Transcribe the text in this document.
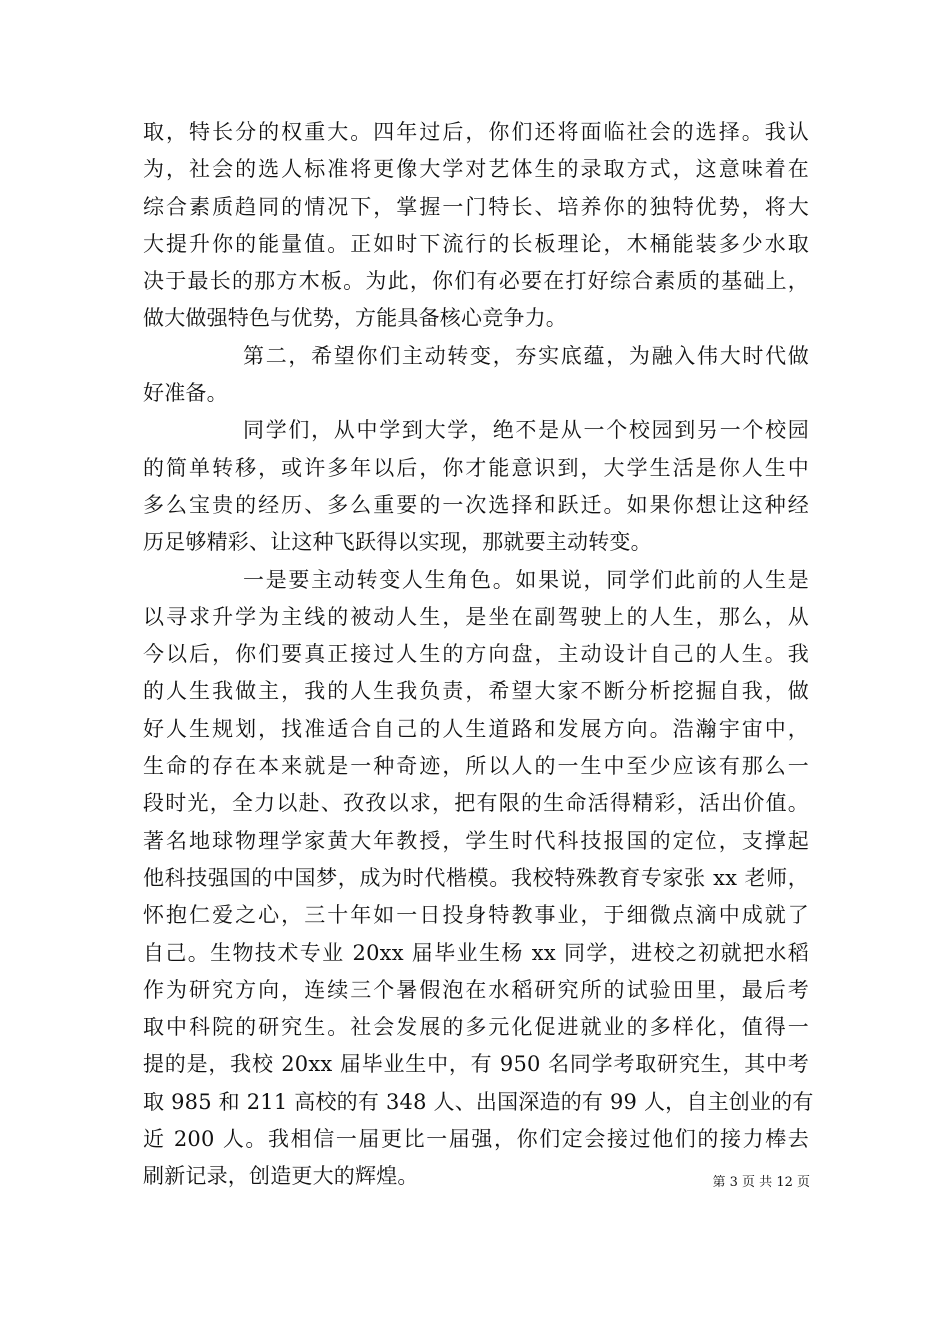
取，特长分的权重大。四年过后，你们还将面临社会的选择。我认
为，社会的选人标准将更像大学对艺体生的录取方式，这意味着在
综合素质趋同的情况下，掌握一门特长、培养你的独特优势，将大
大提升你的能量值。正如时下流行的长板理论，木桶能装多少水取
决于最长的那方木板。为此，你们有必要在打好综合素质的基础上，
做大做强特色与优势，方能具备核心竞争力。
第二，希望你们主动转变，夯实底蕴，为融入伟大时代做
好准备。
同学们，从中学到大学，绝不是从一个校园到另一个校园
的简单转移，或许多年以后，你才能意识到，大学生活是你人生中
多么宝贵的经历、多么重要的一次选择和跃迁。如果你想让这种经
历足够精彩、让这种飞跃得以实现，那就要主动转变。
一是要主动转变人生角色。如果说，同学们此前的人生是
以寻求升学为主线的被动人生，是坐在副驾驶上的人生，那么，从
今以后，你们要真正接过人生的方向盘，主动设计自己的人生。我
的人生我做主，我的人生我负责，希望大家不断分析挖掘自我，做
好人生规划，找准适合自己的人生道路和发展方向。浩瀚宇宙中，
生命的存在本来就是一种奇迹，所以人的一生中至少应该有那么一
段时光，全力以赴、孜孜以求，把有限的生命活得精彩，活出价值。
著名地球物理学家黄大年教授，学生时代科技报国的定位，支撑起
他科技强国的中国梦，成为时代楷模。我校特殊教育专家张 xx 老师，
怀抱仁爱之心，三十年如一日投身特教事业，于细微点滴中成就了
自己。生物技术专业 20xx 届毕业生杨 xx 同学，进校之初就把水稻
作为研究方向，连续三个暑假泡在水稻研究所的试验田里，最后考
取中科院的研究生。社会发展的多元化促进就业的多样化，值得一
提的是，我校 20xx 届毕业生中，有 950 名同学考取研究生，其中考
取 985 和 211 高校的有 348 人、出国深造的有 99 人，自主创业的有
近 200 人。我相信一届更比一届强，你们定会接过他们的接力棒去
刷新记录，创造更大的辉煌。	第 3 页 共 12 页
